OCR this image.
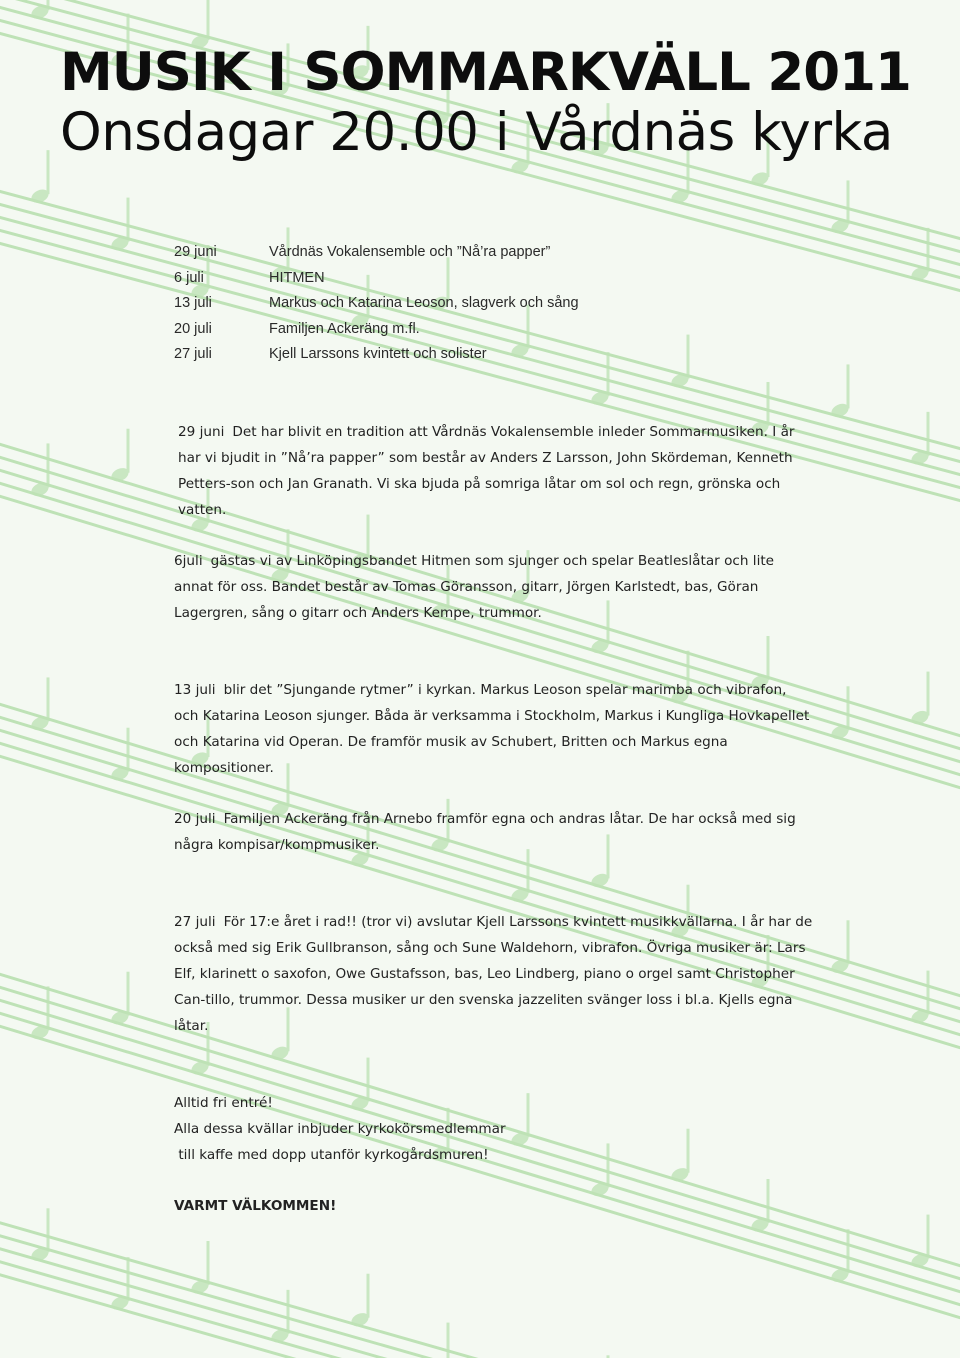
MUSIK I SOMMARKVÄLL 2011
Onsdagar 20.00 i Vårdnäs kyrka
29 juni	Vårdnäs Vokalensemble och ”Nå’ra papper”
6 juli	HITMEN
13 juli	Markus och Katarina Leoson, slagverk och sång
20 juli	Familjen Ackeräng m.fl.
27 juli	Kjell Larssons kvintett och solister
29 juni Det har blivit en tradition att Vårdnäs Vokalensemble inleder Sommarmusiken. I år har vi bjudit in ”Nå’ra papper” som består av Anders Z Larsson, John Skördeman, Kenneth Petters-son och Jan Granath. Vi ska bjuda på somriga låtar om sol och regn, grönska och vatten.
6juli gästas vi av Linköpingsbandet Hitmen som sjunger och spelar Beatleslåtar och lite annat för oss. Bandet består av Tomas Göransson, gitarr, Jörgen Karlstedt, bas, Göran Lagergren, sång o gitarr och Anders Kempe, trummor.
13 juli blir det ”Sjungande rytmer” i kyrkan. Markus Leoson spelar marimba och vibrafon, och Katarina Leoson sjunger. Båda är verksamma i Stockholm, Markus i Kungliga Hovkapellet och Katarina vid Operan. De framför musik av Schubert, Britten och Markus egna kompositioner.
20 juli Familjen Ackeräng från Arnebo framför egna och andras låtar. De har också med sig några kompisar/kompmusiker.
27 juli För 17:e året i rad!! (tror vi) avslutar Kjell Larssons kvintett musikkvällarna. I år har de också med sig Erik Gullbranson, sång och Sune Waldehorn, vibrafon. Övriga musiker är: Lars Elf, klarinett o saxofon, Owe Gustafsson, bas, Leo Lindberg, piano o orgel samt Christopher Can-tillo, trummor. Dessa musiker ur den svenska jazzeliten svänger loss i bl.a. Kjells egna låtar.
Alltid fri entré!
Alla dessa kvällar inbjuder kyrkokörsmedlemmar
till kaffe med dopp utanför kyrkogårdsmuren!
VARMT VÄLKOMMEN!
